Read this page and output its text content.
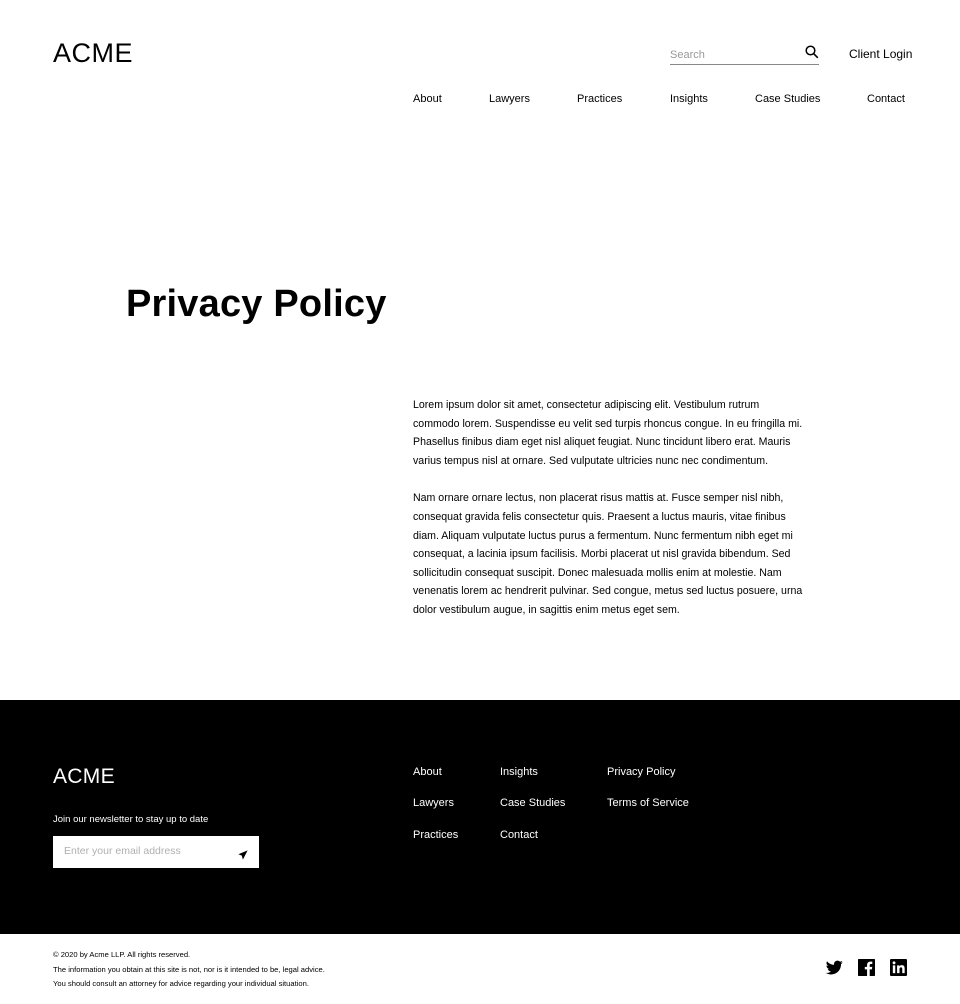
ACME
Search	Client Login
About	Lawyers	Practices	Insights	Case Studies	Contact
Privacy Policy

Lorem ipsum dolor sit amet, consectetur adipiscing elit. Vestibulum rutrum commodo lorem. Suspendisse eu velit sed turpis rhoncus congue. In eu fringilla mi. Phasellus finibus diam eget nisl aliquet feugiat. Nunc tincidunt libero erat. Mauris varius tempus nisl at ornare. Sed vulputate ultricies nunc nec condimentum.

Nam ornare ornare lectus, non placerat risus mattis at. Fusce semper nisl nibh, consequat gravida felis consectetur quis. Praesent a luctus mauris, vitae finibus diam. Aliquam vulputate luctus purus a fermentum. Nunc fermentum nibh eget mi consequat, a lacinia ipsum facilisis. Morbi placerat ut nisl gravida bibendum. Sed sollicitudin consequat suscipit. Donec malesuada mollis enim at molestie. Nam venenatis lorem ac hendrerit pulvinar. Sed congue, metus sed luctus posuere, urna dolor vestibulum augue, in sagittis enim metus eget sem.

ACME
Join our newsletter to stay up to date
Enter your email address
About
Lawyers
Practices
Insights
Case Studies
Contact
Privacy Policy
Terms of Service
© 2020 by Acme LLP. All rights reserved.
The information you obtain at this site is not, nor is it intended to be, legal advice.
You should consult an attorney for advice regarding your individual situation.
